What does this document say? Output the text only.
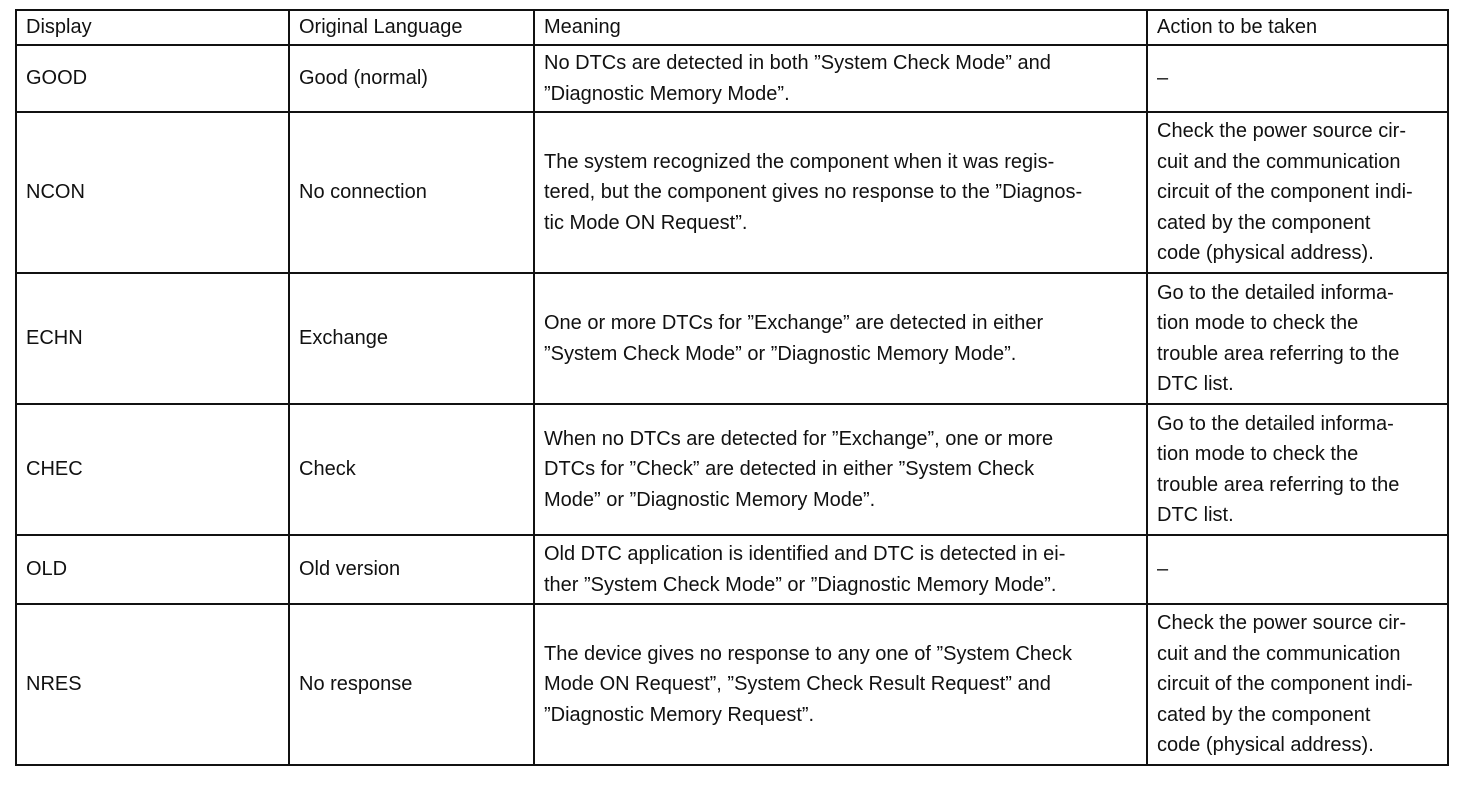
Display	Original Language	Meaning	Action to be taken
GOOD	Good (normal)	No DTCs are detected in both ”System Check Mode” and
”Diagnostic Memory Mode”.	–
NCON	No connection	The system recognized the component when it was regis-
tered, but the component gives no response to the ”Diagnos-
tic Mode ON Request”.	Check the power source cir-
cuit and the communication
circuit of the component indi-
cated by the component
code (physical address).
ECHN	Exchange	One or more DTCs for ”Exchange” are detected in either
”System Check Mode” or ”Diagnostic Memory Mode”.	Go to the detailed informa-
tion mode to check the
trouble area referring to the
DTC list.
CHEC	Check	When no DTCs are detected for ”Exchange”, one or more
DTCs for ”Check” are detected in either ”System Check
Mode” or ”Diagnostic Memory Mode”.	Go to the detailed informa-
tion mode to check the
trouble area referring to the
DTC list.
OLD	Old version	Old DTC application is identified and DTC is detected in ei-
ther ”System Check Mode” or ”Diagnostic Memory Mode”.	–
NRES	No response	The device gives no response to any one of ”System Check
Mode ON Request”, ”System Check Result Request” and
”Diagnostic Memory Request”.	Check the power source cir-
cuit and the communication
circuit of the component indi-
cated by the component
code (physical address).
